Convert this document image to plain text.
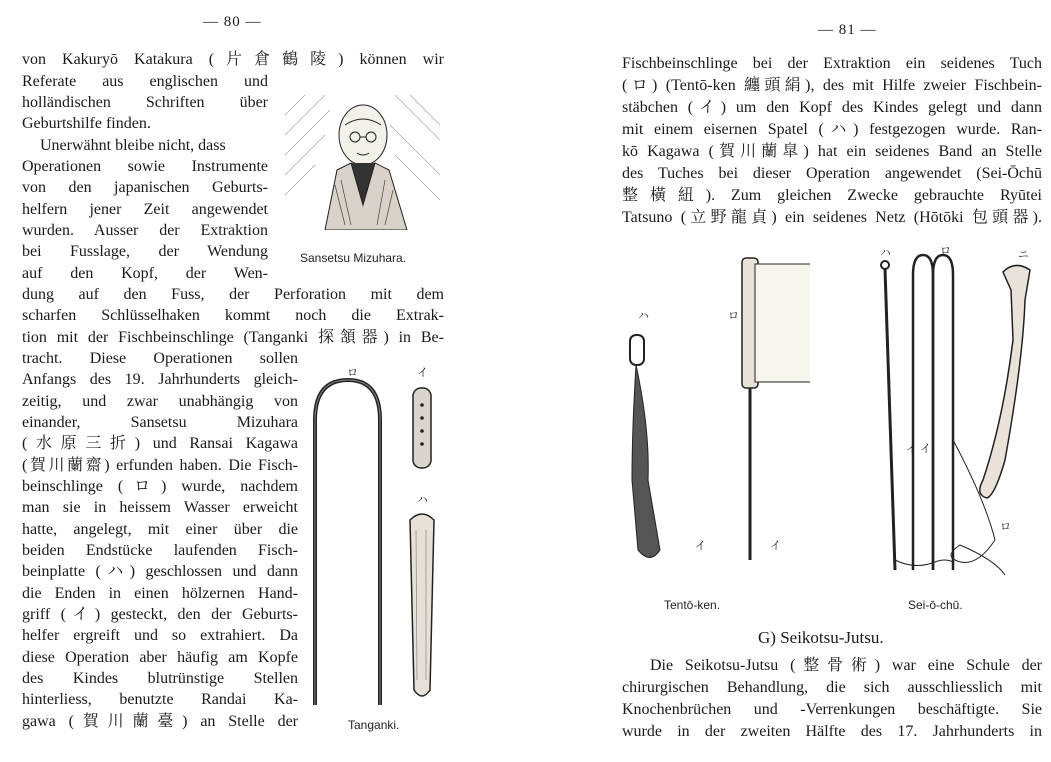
— 80 —
von Kakuryō Katakura (片倉鶴陵) können wir
Referate aus englischen und
holländischen Schriften über
Geburtshilfe finden.
Unerwähnt bleibe nicht, dass
Operationen sowie Instrumente
von den japanischen Geburts-
helfern jener Zeit angewendet
wurden. Ausser der Extraktion
bei Fusslage, der Wendung
auf den Kopf, der Wen-
dung auf den Fuss, der Perforation mit dem
scharfen Schlüsselhaken kommt noch die Extrak-
tion mit der Fischbeinschlinge (Tanganki 探頷器) in Be-
tracht. Diese Operationen sollen
Anfangs des 19. Jahrhunderts gleich-
zeitig, und zwar unabhängig von
einander, Sansetsu Mizuhara
(水原三折) und Ransai Kagawa
(賀川蘭齋) erfunden haben. Die Fisch-
beinschlinge (ロ) wurde, nachdem
man sie in heissem Wasser erweicht
hatte, angelegt, mit einer über die
beiden Endstücke laufenden Fisch-
beinplatte (ハ) geschlossen und dann
die Enden in einen hölzernen Hand-
griff (イ) gesteckt, den der Geburts-
helfer ergreift und so extrahiert. Da
diese Operation aber häufig am Kopfe
des Kindes blutrünstige Stellen
hinterliess, benutzte Randai Ka-
gawa (賀川蘭臺) an Stelle der
Sansetsu Mizuhara.
ロ	イ
ハ
Tanganki.
— 81 —
Fischbeinschlinge bei der Extraktion ein seidenes Tuch
(ロ) (Tentō-ken 纏頭絹), des mit Hilfe zweier Fischbein-
stäbchen (イ) um den Kopf des Kindes gelegt und dann
mit einem eisernen Spatel (ハ) festgezogen wurde. Ran-
kō Kagawa (賀川蘭皐) hat ein seidenes Band an Stelle
des Tuches bei dieser Operation angewendet (Sei-Ōchū
整橫紐). Zum gleichen Zwecke gebrauchte Ryūtei
Tatsuno (立野龍貞) ein seidenes Netz (Hōtōki 包頭器).
ハ	ロ
イ	イ
Tentō-ken.
ハ	ロ	ニ
イ イ
ロ
Sei-ō-chū.
G) Seikotsu-Jutsu.
Die Seikotsu-Jutsu (整骨術) war eine Schule der
chirurgischen Behandlung, die sich ausschliesslich mit
Knochenbrüchen und -Verrenkungen beschäftigte. Sie
wurde in der zweiten Hälfte des 17. Jahrhunderts in
